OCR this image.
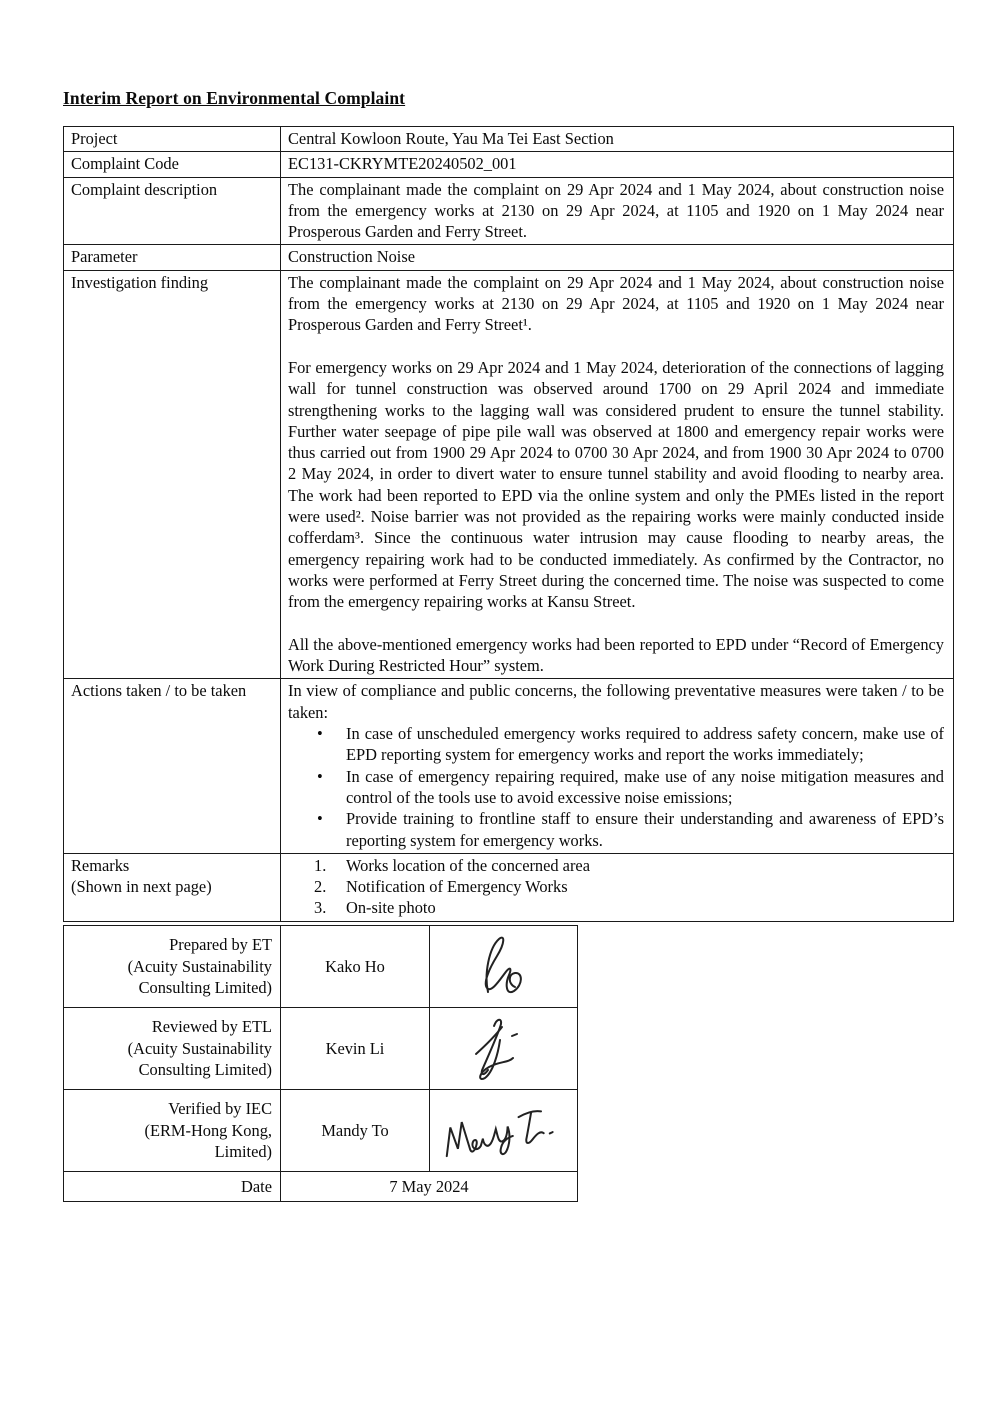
Interim Report on Environmental Complaint
Project	Central Kowloon Route, Yau Ma Tei East Section
Complaint Code	EC131-CKRYMTE20240502_001
Complaint description	The complainant made the complaint on 29 Apr 2024 and 1 May 2024, about construction noise from the emergency works at 2130 on 29 Apr 2024, at 1105 and 1920 on 1 May 2024 near Prosperous Garden and Ferry Street.

Parameter	Construction Noise
Investigation finding	The complainant made the complaint on 29 Apr 2024 and 1 May 2024, about construction noise from the emergency works at 2130 on 29 Apr 2024, at 1105 and 1920 on 1 May 2024 near Prosperous Garden and Ferry Street¹.
For emergency works on 29 Apr 2024 and 1 May 2024, deterioration of the connections of lagging wall for tunnel construction was observed around 1700 on 29 April 2024 and immediate strengthening works to the lagging wall was considered prudent to ensure the tunnel stability. Further water seepage of pipe pile wall was observed at 1800 and emergency repair works were thus carried out from 1900 29 Apr 2024 to 0700 30 Apr 2024, and from 1900 30 Apr 2024 to 0700 2 May 2024, in order to divert water to ensure tunnel stability and avoid flooding to nearby area. The work had been reported to EPD via the online system and only the PMEs listed in the report were used². Noise barrier was not provided as the repairing works were mainly conducted inside cofferdam³. Since the continuous water intrusion may cause flooding to nearby areas, the emergency repairing work had to be conducted immediately. As confirmed by the Contractor, no works were performed at Ferry Street during the concerned time. The noise was suspected to come from the emergency repairing works at Kansu Street.
All the above-mentioned emergency works had been reported to EPD under “Record of Emergency Work During Restricted Hour” system.

Actions taken / to be taken	In view of compliance and public concerns, the following preventative measures were taken / to be taken:
•	In case of unscheduled emergency works required to address safety concern, make use of EPD reporting system for emergency works and report the works immediately;
•	In case of emergency repairing required, make use of any noise mitigation measures and control of the tools use to avoid excessive noise emissions;
•	Provide training to frontline staff to ensure their understanding and awareness of EPD’s reporting system for emergency works.

Remarks
(Shown in next page)

1.	Works location of the concerned area
2.	Notification of Emergency Works
3.	On-site photo
Prepared by ET
(Acuity Sustainability
Consulting Limited)	Kako Ho	

Reviewed by ETL
(Acuity Sustainability
Consulting Limited)	Kevin Li	

Verified by IEC
(ERM-Hong Kong,
Limited)	Mandy To	

Date	7 May 2024	
